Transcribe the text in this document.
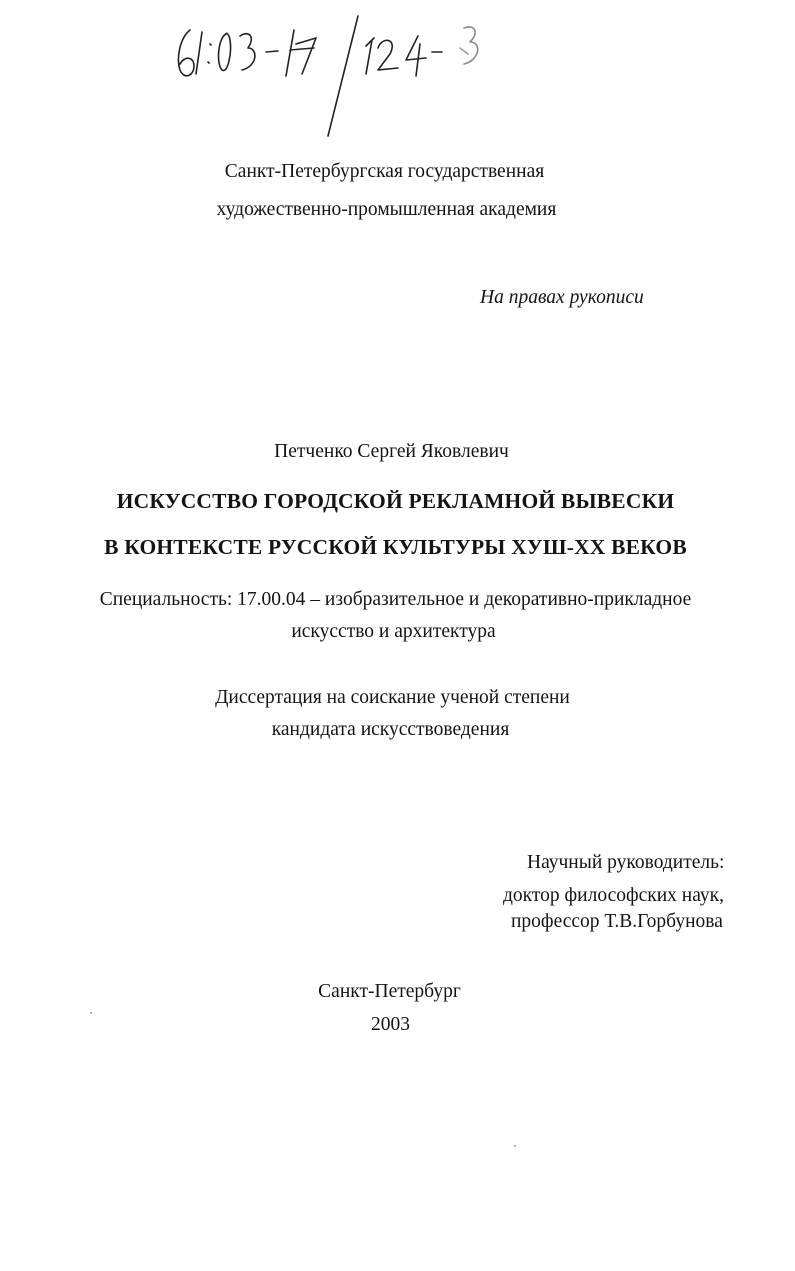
Санкт-Петербургская государственная
художественно-промышленная академия
На правах рукописи
Петченко Сергей Яковлевич
ИСКУССТВО ГОРОДСКОЙ РЕКЛАМНОЙ ВЫВЕСКИ
В КОНТЕКСТЕ РУССКОЙ КУЛЬТУРЫ ХУШ-ХХ ВЕКОВ
Специальность: 17.00.04 – изобразительное и декоративно-прикладное
искусство и архитектура
Диссертация на соискание ученой степени
кандидата искусствоведения
Научный руководитель:
доктор философских наук,
профессор Т.В.Горбунова
Санкт-Петербург
2003
